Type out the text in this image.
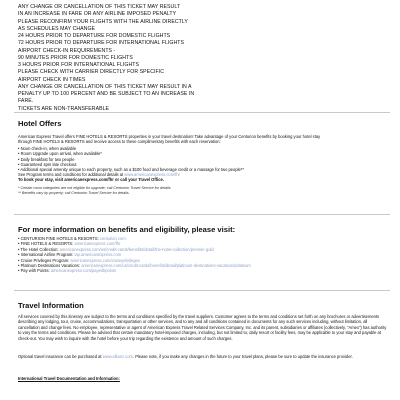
ANY CHANGE OR CANCELLATION OF THIS TICKET MAY RESULT
IN AN INCREASE IN FARE OR ANY AIRLINE IMPOSED PENALTY
PLEASE RECONFIRM YOUR FLIGHTS WITH THE AIRLINE DIRECTLY
AS SCHEDULES MAY CHANGE
24 HOURS PRIOR TO DEPARTURE FOR DOMESTIC FLIGHTS
72 HOURS PRIOR TO DEPARTURE FOR INTERNATIONAL FLIGHTS
AIRPORT CHECK-IN REQUIREMENTS -
90 MINUTES PRIOR FOR DOMESTIC FLIGHTS
3 HOURS PRIOR FOR INTERNATIONAL FLIGHTS
PLEASE CHECK WITH CARRIER DIRECTLY FOR SPECIFIC
AIRPORT CHECK IN TIMES
ANY CHANGE OR CANCELLATION OF THIS TICKET MAY RESULT IN A
PENALTY UP TO 100 PERCENT AND BE SUBJECT TO AN INCREASE IN
FARE.
TICKETS ARE NON-TRANSFERABLE
Hotel Offers

American Express Travel offers FINE HOTELS & RESORTS properties in your travel destination! Take advantage of your Centurion benefits by booking your hotel stay

through FINE HOTELS & RESORTS and receive access to these complimentary benefits with each reservation:

• Noon check-in, when available
• Room Upgrade upon arrival, when available*
• Daily breakfast for two people
• Guaranteed 4pm late checkout
• Additional special amenity unique to each property, such as a $100 food and beverage credit or a massage for two people**

See Program terms and conditions for additional details at www.americanexpress.com/fhr

To book your stay, visit americanexpress.com/fhr or call your Travel Office.

* Certain room categories are not eligible for upgrade; call Centurion Travel Service for details
** Benefits vary by property; call Centurion Travel Service for details.
For more information on benefits and eligibility, please visit:
• CENTURION FINE HOTELS & RESORTS: centurion.com
• FINE HOTELS & RESORTS: americanexpress.com/fhr
• The Hotel Collection: americanexpress.com/us/credit-cards/benefits/detail/the-hotel-collection/premier-gold
• International Airline Program: iap.americanexpress.com
• Cruise Privileges Program: americanexpress.com/cruiseprivileges
• Platinum Destinations Vacations: americanexpress.com/us/credit-cards/benefits/detail/platinum-destinations-vacations/platinum
• Pay with Points: americanexpress.com/payeithpoints
Travel Information

All services covered by this itinerary are subject to the terms and conditions specified by the travel suppliers. Customer agrees to the terms and conditions set forth on any brochures or advertisements describing any lodging, tour, cruise, accommodations, transportation or other services, and to any and all conditions contained in documents for any such services including, without limitation, all cancellation and change fees. No employee, representative or agent of American Express Travel Related Services Company, Inc. and its parent, subsidiaries or affiliates (collectively, "Amex") has authority to vary the terms and conditions. Please be advised that certain mandatory hotel-imposed charges, including, but not limited to, daily resort or facility fees, may be applicable to your stay and payable at check-out. You may wish to inquire with the hotel before your trip regarding the existence and amount of such charges.

Optional travel insurance can be purchased at www.allianz.com. Please note, if you make any changes in the future to your travel plans, please be sure to update the insurance provider.

International Travel Documentation and Information:
